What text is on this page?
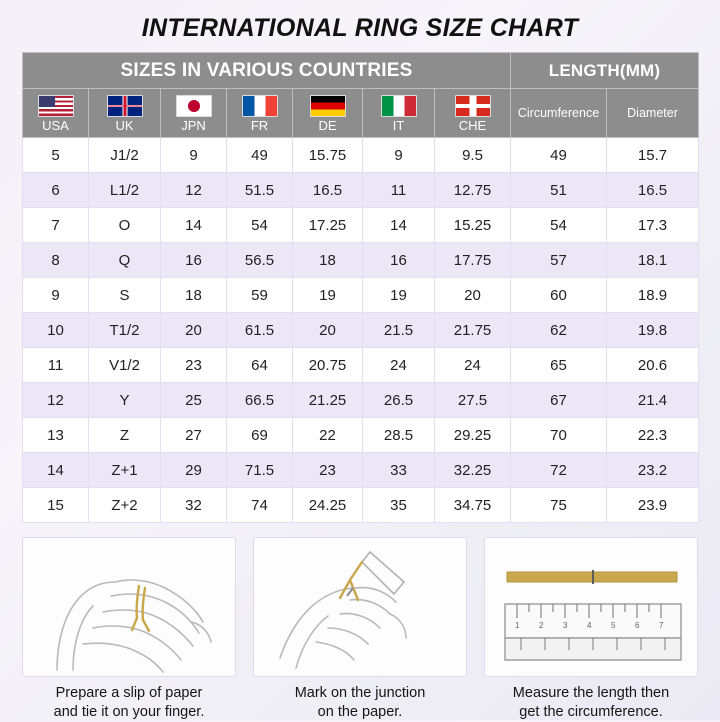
INTERNATIONAL RING SIZE CHART
SIZES IN VARIOUS COUNTRIES							LENGTH(MM)	

USA	UK	JPN	FR	DE	IT	CHE	Circumference	Diameter
5	J1/2	9	49	15.75	9	9.5	49	15.7
6	L1/2	12	51.5	16.5	11	12.75	51	16.5
7	O	14	54	17.25	14	15.25	54	17.3
8	Q	16	56.5	18	16	17.75	57	18.1
9	S	18	59	19	19	20	60	18.9
10	T1/2	20	61.5	20	21.5	21.75	62	19.8
11	V1/2	23	64	20.75	24	24	65	20.6
12	Y	25	66.5	21.25	26.5	27.5	67	21.4
13	Z	27	69	22	28.5	29.25	70	22.3
14	Z+1	29	71.5	23	33	32.25	72	23.2
15	Z+2	32	74	24.25	35	34.75	75	23.9
Prepare a slip of paper
and tie it on your finger.
Mark on the junction
on the paper.
1 2 3 4 5 6 7
Measure the length then
get the circumference.
